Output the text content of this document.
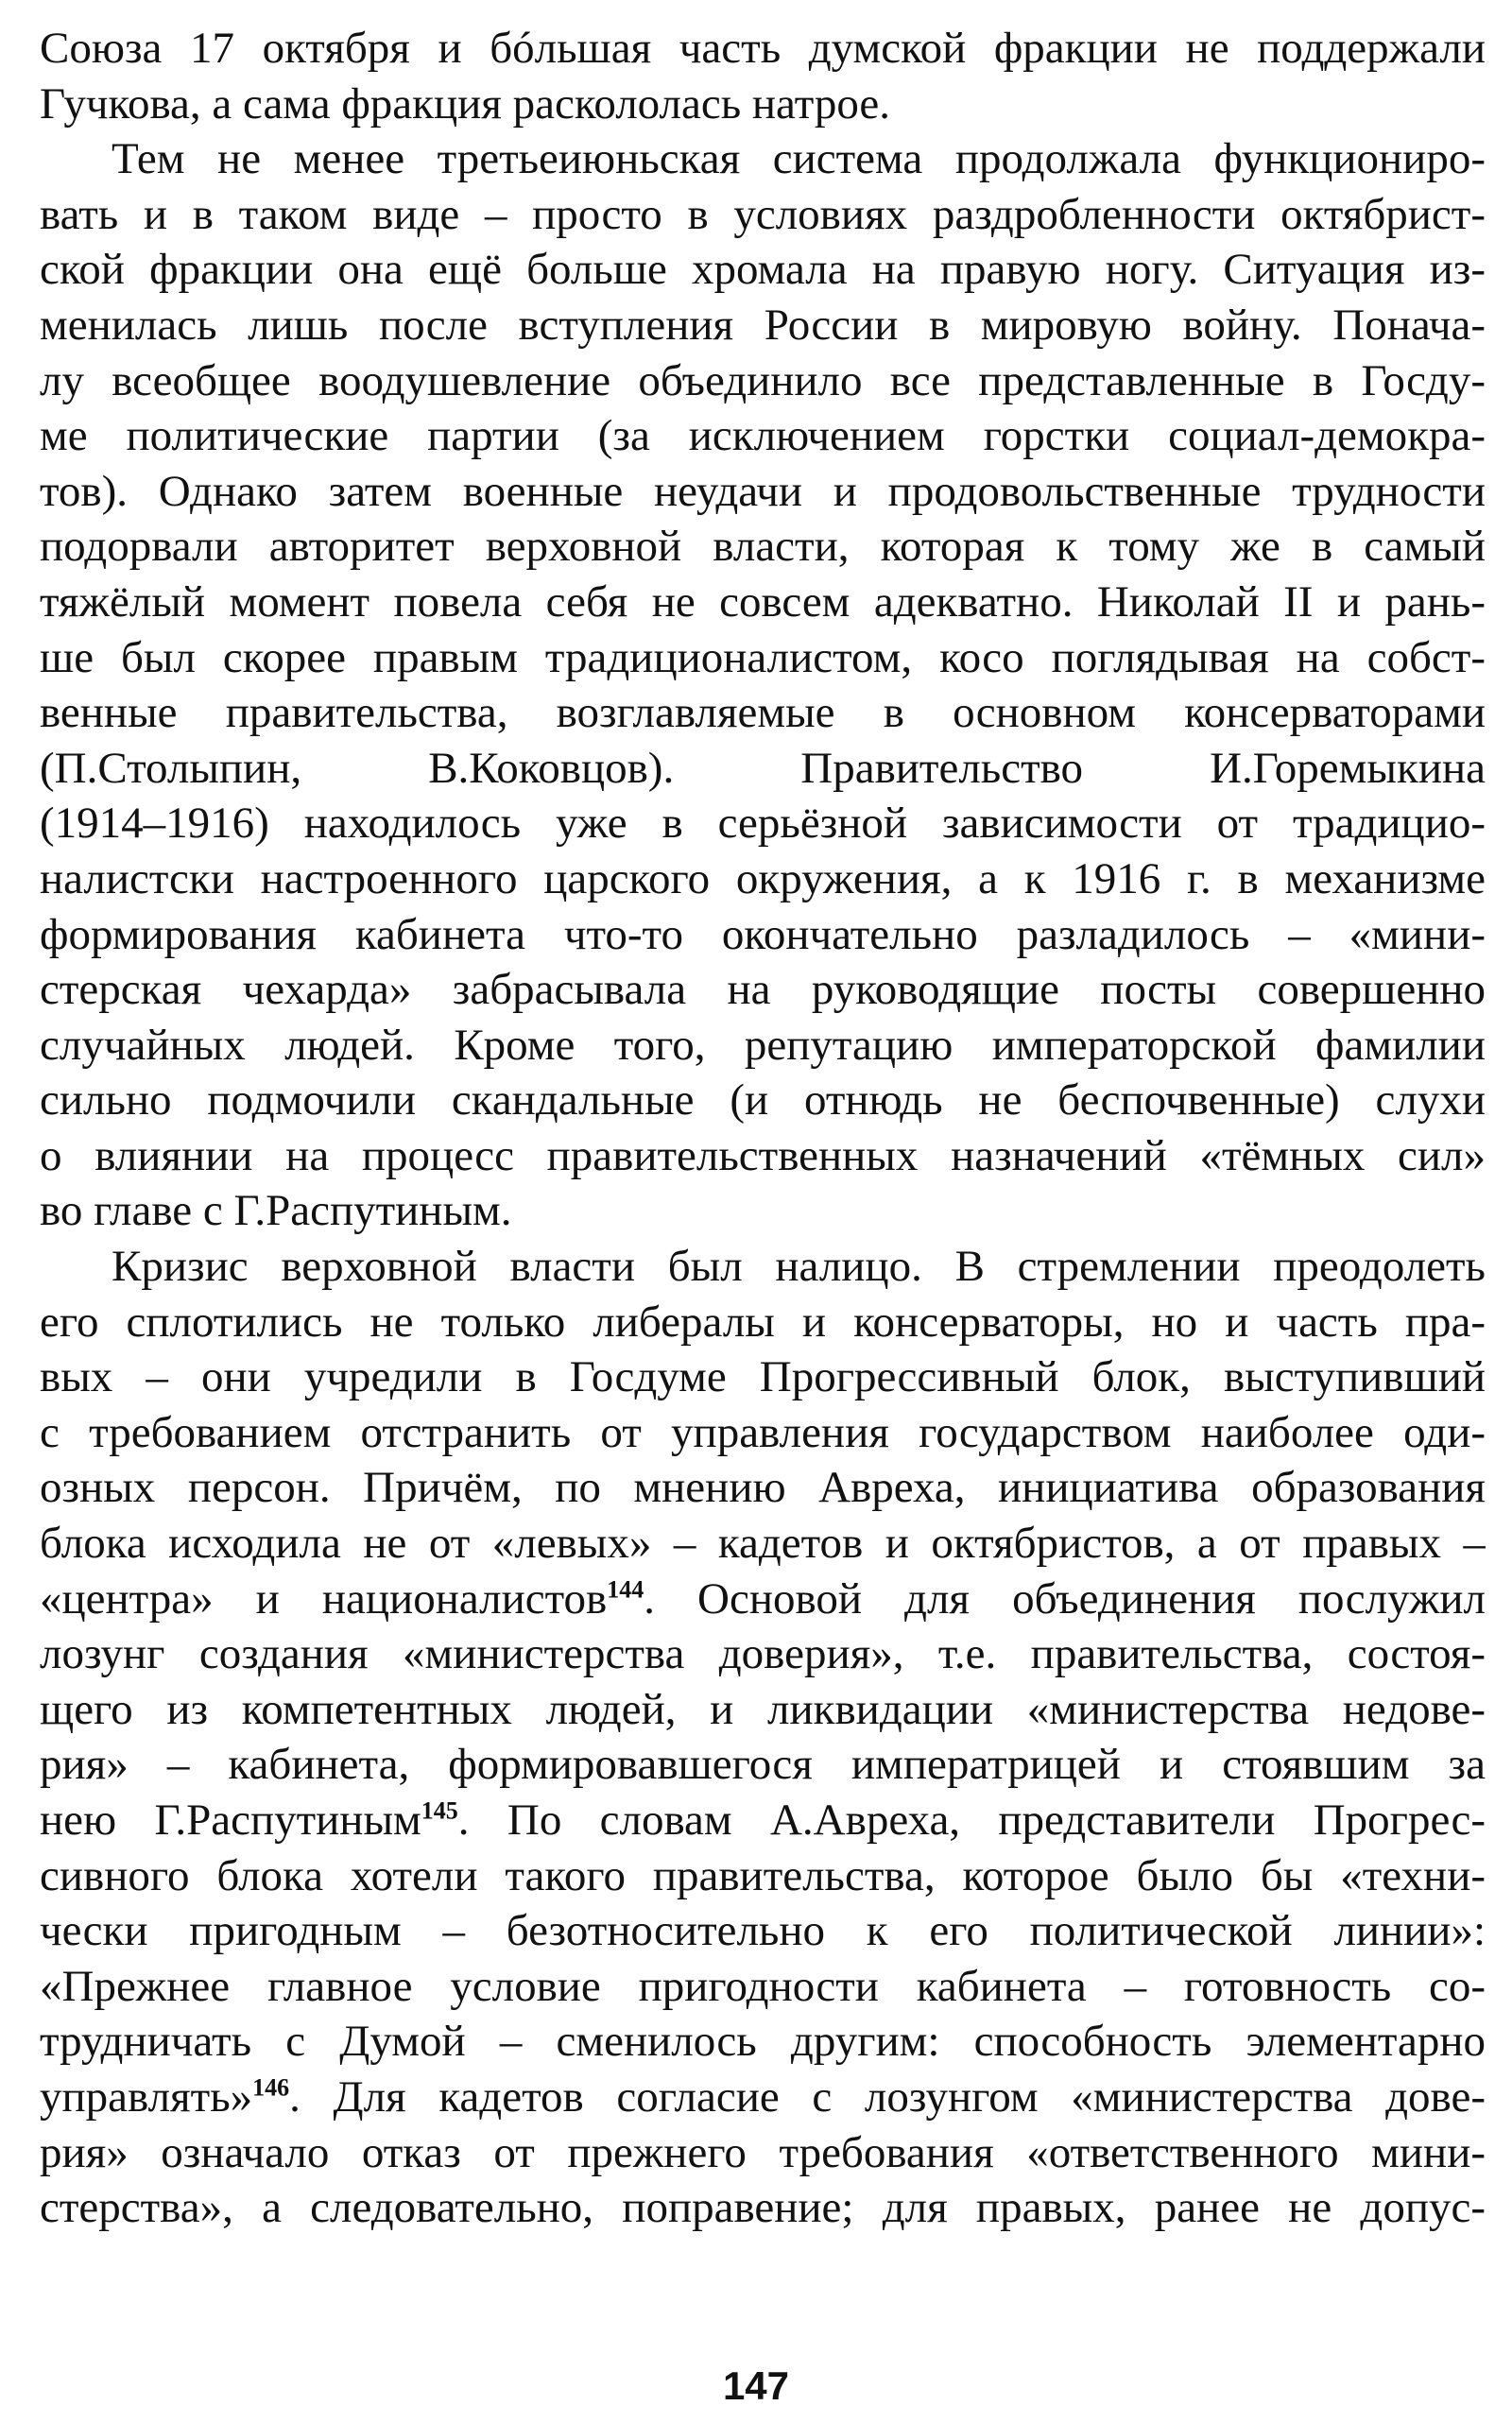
Союза 17 октября и бóльшая часть думской фракции не поддержали
Гучкова, а сама фракция раскололась натрое.
Тем не менее третьеиюньская система продолжала функциониро-
вать и в таком виде – просто в условиях раздробленности октябрист-
ской фракции она ещё больше хромала на правую ногу. Ситуация из-
менилась лишь после вступления России в мировую войну. Понача-
лу всеобщее воодушевление объединило все представленные в Госду-
ме политические партии (за исключением горстки социал-демокра-
тов). Однако затем военные неудачи и продовольственные трудности
подорвали авторитет верховной власти, которая к тому же в самый
тяжёлый момент повела себя не совсем адекватно. Николай II и рань-
ше был скорее правым традиционалистом, косо поглядывая на собст-
венные правительства, возглавляемые в основном консерваторами
(П.Столыпин, В.Коковцов). Правительство И.Горемыкина
(1914–1916) находилось уже в серьёзной зависимости от традицио-
налистски настроенного царского окружения, а к 1916 г. в механизме
формирования кабинета что-то окончательно разладилось – «мини-
стерская чехарда» забрасывала на руководящие посты совершенно
случайных людей. Кроме того, репутацию императорской фамилии
сильно подмочили скандальные (и отнюдь не беспочвенные) слухи
о влиянии на процесс правительственных назначений «тёмных сил»
во главе с Г.Распутиным.
Кризис верховной власти был налицо. В стремлении преодолеть
его сплотились не только либералы и консерваторы, но и часть пра-
вых – они учредили в Госдуме Прогрессивный блок, выступивший
с требованием отстранить от управления государством наиболее оди-
озных персон. Причём, по мнению Авреха, инициатива образования
блока исходила не от «левых» – кадетов и октябристов, а от правых –
«центра» и националистов$^{144}$. Основой для объединения послужил
лозунг создания «министерства доверия», т.е. правительства, состоя-
щего из компетентных людей, и ликвидации «министерства недове-
рия» – кабинета, формировавшегося императрицей и стоявшим за
нею Г.Распутиным$^{145}$. По словам А.Авреха, представители Прогрес-
сивного блока хотели такого правительства, которое было бы «техни-
чески пригодным – безотносительно к его политической линии»:
«Прежнее главное условие пригодности кабинета – готовность со-
трудничать с Думой – сменилось другим: способность элементарно
управлять»$^{146}$. Для кадетов согласие с лозунгом «министерства дове-
рия» означало отказ от прежнего требования «ответственного мини-
стерства», а следовательно, поправение; для правых, ранее не допус-
147
